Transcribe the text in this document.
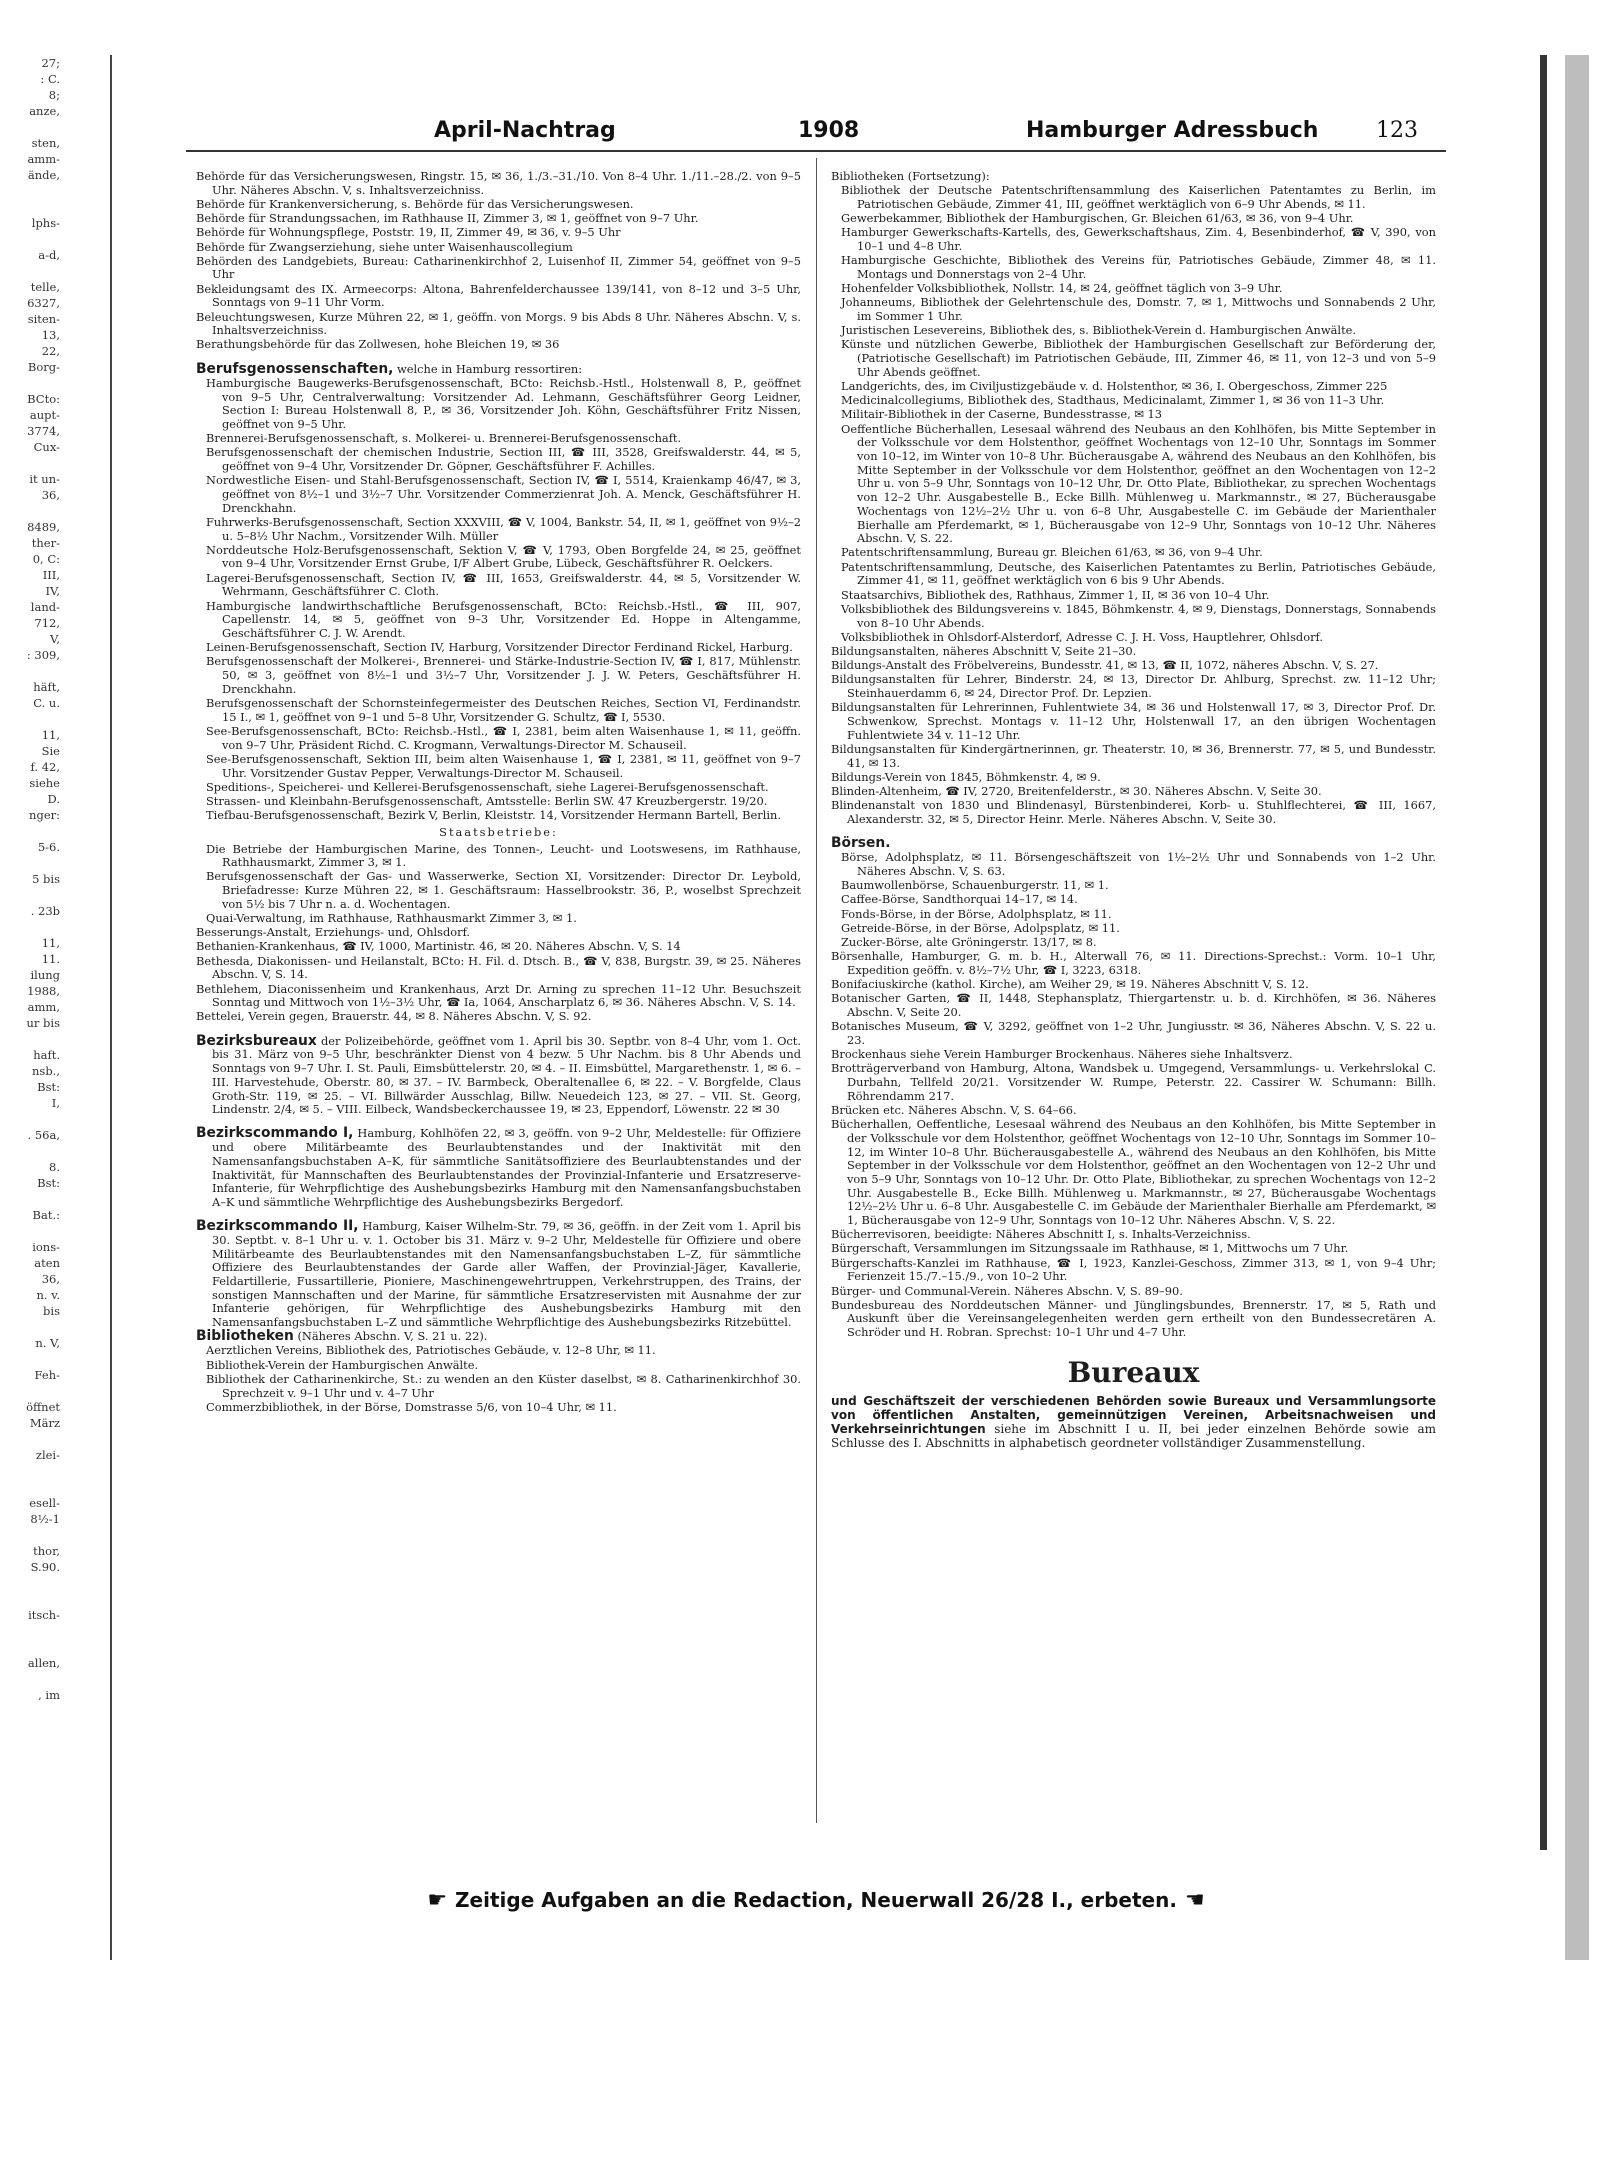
27;
: C.
8;
anze,

sten,
amm-
ände,

lphs-

a-d,

telle,
6327,
siten-
13,
22,
Borg-

BCto:
aupt-
3774,
Cux-

it un-
36,

8489,
ther-
0, C:
III,
IV,
land-
712,
V,
: 309,

häft,
C. u.

11,
Sie
f. 42,
siehe
D.
nger:

5-6.

5 bis

. 23b

11,
11.
ilung
1988,
amm,
ur bis

haft.
nsb.,
Bst:
I,

. 56a,

8.
Bst:

Bat.:

ions-
aten
36,
n. v.
bis

n. V,

Feh-

öffnet
März

zlei-

esell-
8½-1

thor,
S.90.

itsch-

allen,

, im
April-Nachtrag	1908	Hamburger Adressbuch	123

Behörde für das Versicherungswesen, Ringstr. 15, ✉ 36, 1./3.–31./10. Von 8–4 Uhr. 1./11.–28./2. von 9–5 Uhr. Näheres Abschn. V, s. Inhaltsverzeichniss.

Behörde für Krankenversicherung, s. Behörde für das Versicherungswesen.

Behörde für Strandungssachen, im Rathhause II, Zimmer 3, ✉ 1, geöffnet von 9–7 Uhr.

Behörde für Wohnungspflege, Poststr. 19, II, Zimmer 49, ✉ 36, v. 9–5 Uhr

Behörde für Zwangserziehung, siehe unter Waisenhauscollegium

Behörden des Landgebiets, Bureau: Catharinenkirchhof 2, Luisenhof II, Zimmer 54, geöffnet von 9–5 Uhr

Bekleidungsamt des IX. Armeecorps: Altona, Bahrenfelderchaussee 139/141, von 8–12 und 3–5 Uhr, Sonntags von 9–11 Uhr Vorm.

Beleuchtungswesen, Kurze Mühren 22, ✉ 1, geöffn. von Morgs. 9 bis Abds 8 Uhr. Näheres Abschn. V, s. Inhaltsverzeichniss.

Berathungsbehörde für das Zollwesen, hohe Bleichen 19, ✉ 36

Berufsgenossenschaften, welche in Hamburg ressortiren:

Hamburgische Baugewerks-Berufsgenossenschaft, BCto: Reichsb.-Hstl., Holstenwall 8, P., geöffnet von 9–5 Uhr, Centralverwaltung: Vorsitzender Ad. Lehmann, Geschäftsführer Georg Leidner, Section I: Bureau Holstenwall 8, P., ✉ 36, Vorsitzender Joh. Köhn, Geschäftsführer Fritz Nissen, geöffnet von 9–5 Uhr.

Brennerei-Berufsgenossenschaft, s. Molkerei- u. Brennerei-Berufsgenossenschaft.

Berufsgenossenschaft der chemischen Industrie, Section III, ☎ III, 3528, Greifswalderstr. 44, ✉ 5, geöffnet von 9–4 Uhr, Vorsitzender Dr. Göpner, Geschäftsführer F. Achilles.

Nordwestliche Eisen- und Stahl-Berufsgenossenschaft, Section IV, ☎ I, 5514, Kraienkamp 46/47, ✉ 3, geöffnet von 8½–1 und 3½–7 Uhr. Vorsitzender Commerzienrat Joh. A. Menck, Geschäftsführer H. Drenckhahn.

Fuhrwerks-Berufsgenossenschaft, Section XXXVIII, ☎ V, 1004, Bankstr. 54, II, ✉ 1, geöffnet von 9½–2 u. 5–8½ Uhr Nachm., Vorsitzender Wilh. Müller

Norddeutsche Holz-Berufsgenossenschaft, Sektion V, ☎ V, 1793, Oben Borgfelde 24, ✉ 25, geöffnet von 9–4 Uhr, Vorsitzender Ernst Grube, I/F Albert Grube, Lübeck, Geschäftsführer R. Oelckers.

Lagerei-Berufsgenossenschaft, Section IV, ☎ III, 1653, Greifswalderstr. 44, ✉ 5, Vorsitzender W. Wehrmann, Geschäftsführer C. Cloth.

Hamburgische landwirthschaftliche Berufsgenossenschaft, BCto: Reichsb.-Hstl., ☎ III, 907, Capellenstr. 14, ✉ 5, geöffnet von 9–3 Uhr, Vorsitzender Ed. Hoppe in Altengamme, Geschäftsführer C. J. W. Arendt.

Leinen-Berufsgenossenschaft, Section IV, Harburg, Vorsitzender Director Ferdinand Rickel, Harburg.

Berufsgenossenschaft der Molkerei-, Brennerei- und Stärke-Industrie-Section IV, ☎ I, 817, Mühlenstr. 50, ✉ 3, geöffnet von 8½–1 und 3½–7 Uhr, Vorsitzender J. J. W. Peters, Geschäftsführer H. Drenckhahn.

Berufsgenossenschaft der Schornsteinfegermeister des Deutschen Reiches, Section VI, Ferdinandstr. 15 I., ✉ 1, geöffnet von 9–1 und 5–8 Uhr, Vorsitzender G. Schultz, ☎ I, 5530.

See-Berufsgenossenschaft, BCto: Reichsb.-Hstl., ☎ I, 2381, beim alten Waisenhause 1, ✉ 11, geöffn. von 9–7 Uhr, Präsident Richd. C. Krogmann, Verwaltungs-Director M. Schauseil.

See-Berufsgenossenschaft, Sektion III, beim alten Waisenhause 1, ☎ I, 2381, ✉ 11, geöffnet von 9–7 Uhr. Vorsitzender Gustav Pepper, Verwaltungs-Director M. Schauseil.

Speditions-, Speicherei- und Kellerei-Berufsgenossenschaft, siehe Lagerei-Berufsgenossenschaft.

Strassen- und Kleinbahn-Berufsgenossenschaft, Amtsstelle: Berlin SW. 47 Kreuzbergerstr. 19/20.

Tiefbau-Berufsgenossenschaft, Bezirk V, Berlin, Kleiststr. 14, Vorsitzender Hermann Bartell, Berlin.

Staatsbetriebe:

Die Betriebe der Hamburgischen Marine, des Tonnen-, Leucht- und Lootswesens, im Rathhause, Rathhausmarkt, Zimmer 3, ✉ 1.

Berufsgenossenschaft der Gas- und Wasserwerke, Section XI, Vorsitzender: Director Dr. Leybold, Briefadresse: Kurze Mühren 22, ✉ 1. Geschäftsraum: Hasselbrookstr. 36, P., woselbst Sprechzeit von 5½ bis 7 Uhr n. a. d. Wochentagen.

Quai-Verwaltung, im Rathhause, Rathhausmarkt Zimmer 3, ✉ 1.

Besserungs-Anstalt, Erziehungs- und, Ohlsdorf.

Bethanien-Krankenhaus, ☎ IV, 1000, Martinistr. 46, ✉ 20. Näheres Abschn. V, S. 14

Bethesda, Diakonissen- und Heilanstalt, BCto: H. Fil. d. Dtsch. B., ☎ V, 838, Burgstr. 39, ✉ 25. Näheres Abschn. V, S. 14.

Bethlehem, Diaconissenheim und Krankenhaus, Arzt Dr. Arning zu sprechen 11–12 Uhr. Besuchszeit Sonntag und Mittwoch von 1½–3½ Uhr, ☎ Ia, 1064, Anscharplatz 6, ✉ 36. Näheres Abschn. V, S. 14.

Bettelei, Verein gegen, Brauerstr. 44, ✉ 8. Näheres Abschn. V, S. 92.

Bezirksbureaux der Polizeibehörde, geöffnet vom 1. April bis 30. Septbr. von 8–4 Uhr, vom 1. Oct. bis 31. März von 9–5 Uhr, beschränkter Dienst von 4 bezw. 5 Uhr Nachm. bis 8 Uhr Abends und Sonntags von 9–7 Uhr. I. St. Pauli, Eimsbüttelerstr. 20, ✉ 4. – II. Eimsbüttel, Margarethenstr. 1, ✉ 6. – III. Harvestehude, Oberstr. 80, ✉ 37. – IV. Barmbeck, Oberaltenallee 6, ✉ 22. – V. Borgfelde, Claus Groth-Str. 119, ✉ 25. – VI. Billwärder Ausschlag, Billw. Neuedeich 123, ✉ 27. – VII. St. Georg, Lindenstr. 2/4, ✉ 5. – VIII. Eilbeck, Wandsbeckerchaussee 19, ✉ 23, Eppendorf, Löwenstr. 22 ✉ 30

Bezirkscommando I, Hamburg, Kohlhöfen 22, ✉ 3, geöffn. von 9–2 Uhr, Meldestelle: für Offiziere und obere Militärbeamte des Beurlaubtenstandes und der Inaktivität mit den Namensanfangsbuchstaben A–K, für sämmtliche Sanitätsoffiziere des Beurlaubtenstandes und der Inaktivität, für Mannschaften des Beurlaubtenstandes der Provinzial-Infanterie und Ersatzreserve-Infanterie, für Wehrpflichtige des Aushebungsbezirks Hamburg mit den Namensanfangsbuchstaben A–K und sämmtliche Wehrpflichtige des Aushebungsbezirks Bergedorf.

Bezirkscommando II, Hamburg, Kaiser Wilhelm-Str. 79, ✉ 36, geöffn. in der Zeit vom 1. April bis 30. Septbt. v. 8–1 Uhr u. v. 1. October bis 31. März v. 9–2 Uhr, Meldestelle für Offiziere und obere Militärbeamte des Beurlaubtenstandes mit den Namensanfangsbuchstaben L–Z, für sämmtliche Offiziere des Beurlaubtenstandes der Garde aller Waffen, der Provinzial-Jäger, Kavallerie, Feldartillerie, Fussartillerie, Pioniere, Maschinengewehrtruppen, Verkehrstruppen, des Trains, der sonstigen Mannschaften und der Marine, für sämmtliche Ersatzreservisten mit Ausnahme der zur Infanterie gehörigen, für Wehrpflichtige des Aushebungsbezirks Hamburg mit den Namensanfangsbuchstaben L–Z und sämmtliche Wehrpflichtige des Aushebungsbezirks Ritzebüttel.

Bibliotheken (Näheres Abschn. V, S. 21 u. 22).

Aerztlichen Vereins, Bibliothek des, Patriotisches Gebäude, v. 12–8 Uhr, ✉ 11.

Bibliothek-Verein der Hamburgischen Anwälte.

Bibliothek der Catharinenkirche, St.: zu wenden an den Küster daselbst, ✉ 8. Catharinenkirchhof 30. Sprechzeit v. 9–1 Uhr und v. 4–7 Uhr

Commerzbibliothek, in der Börse, Domstrasse 5/6, von 10–4 Uhr, ✉ 11.

Bibliotheken (Fortsetzung):

Bibliothek der Deutsche Patentschriftensammlung des Kaiserlichen Patentamtes zu Berlin, im Patriotischen Gebäude, Zimmer 41, III, geöffnet werktäglich von 6–9 Uhr Abends, ✉ 11.

Gewerbekammer, Bibliothek der Hamburgischen, Gr. Bleichen 61/63, ✉ 36, von 9–4 Uhr.

Hamburger Gewerkschafts-Kartells, des, Gewerkschaftshaus, Zim. 4, Besenbinderhof, ☎ V, 390, von 10–1 und 4–8 Uhr.

Hamburgische Geschichte, Bibliothek des Vereins für, Patriotisches Gebäude, Zimmer 48, ✉ 11. Montags und Donnerstags von 2–4 Uhr.

Hohenfelder Volksbibliothek, Nollstr. 14, ✉ 24, geöffnet täglich von 3–9 Uhr.

Johanneums, Bibliothek der Gelehrtenschule des, Domstr. 7, ✉ 1, Mittwochs und Sonnabends 2 Uhr, im Sommer 1 Uhr.

Juristischen Lesevereins, Bibliothek des, s. Bibliothek-Verein d. Hamburgischen Anwälte.

Künste und nützlichen Gewerbe, Bibliothek der Hamburgischen Gesellschaft zur Beförderung der, (Patriotische Gesellschaft) im Patriotischen Gebäude, III, Zimmer 46, ✉ 11, von 12–3 und von 5–9 Uhr Abends geöffnet.

Landgerichts, des, im Civiljustizgebäude v. d. Holstenthor, ✉ 36, I. Obergeschoss, Zimmer 225

Medicinalcollegiums, Bibliothek des, Stadthaus, Medicinalamt, Zimmer 1, ✉ 36 von 11–3 Uhr.

Militair-Bibliothek in der Caserne, Bundesstrasse, ✉ 13

Oeffentliche Bücherhallen, Lesesaal während des Neubaus an den Kohlhöfen, bis Mitte September in der Volksschule vor dem Holstenthor, geöffnet Wochentags von 12–10 Uhr, Sonntags im Sommer von 10–12, im Winter von 10–8 Uhr. Bücherausgabe A, während des Neubaus an den Kohlhöfen, bis Mitte September in der Volksschule vor dem Holstenthor, geöffnet an den Wochentagen von 12–2 Uhr u. von 5–9 Uhr, Sonntags von 10–12 Uhr, Dr. Otto Plate, Bibliothekar, zu sprechen Wochentags von 12–2 Uhr. Ausgabestelle B., Ecke Billh. Mühlenweg u. Markmannstr., ✉ 27, Bücherausgabe Wochentags von 12½–2½ Uhr u. von 6–8 Uhr, Ausgabestelle C. im Gebäude der Marienthaler Bierhalle am Pferdemarkt, ✉ 1, Bücherausgabe von 12–9 Uhr, Sonntags von 10–12 Uhr. Näheres Abschn. V, S. 22.

Patentschriftensammlung, Bureau gr. Bleichen 61/63, ✉ 36, von 9–4 Uhr.

Patentschriftensammlung, Deutsche, des Kaiserlichen Patentamtes zu Berlin, Patriotisches Gebäude, Zimmer 41, ✉ 11, geöffnet werktäglich von 6 bis 9 Uhr Abends.

Staatsarchivs, Bibliothek des, Rathhaus, Zimmer 1, II, ✉ 36 von 10–4 Uhr.

Volksbibliothek des Bildungsvereins v. 1845, Böhmkenstr. 4, ✉ 9, Dienstags, Donnerstags, Sonnabends von 8–10 Uhr Abends.

Volksbibliothek in Ohlsdorf-Alsterdorf, Adresse C. J. H. Voss, Hauptlehrer, Ohlsdorf.

Bildungsanstalten, näheres Abschnitt V, Seite 21–30.

Bildungs-Anstalt des Fröbelvereins, Bundesstr. 41, ✉ 13, ☎ II, 1072, näheres Abschn. V, S. 27.

Bildungsanstalten für Lehrer, Binderstr. 24, ✉ 13, Director Dr. Ahlburg, Sprechst. zw. 11–12 Uhr; Steinhauerdamm 6, ✉ 24, Director Prof. Dr. Lepzien.

Bildungsanstalten für Lehrerinnen, Fuhlentwiete 34, ✉ 36 und Holstenwall 17, ✉ 3, Director Prof. Dr. Schwenkow, Sprechst. Montags v. 11–12 Uhr, Holstenwall 17, an den übrigen Wochentagen Fuhlentwiete 34 v. 11–12 Uhr.

Bildungsanstalten für Kindergärtnerinnen, gr. Theaterstr. 10, ✉ 36, Brennerstr. 77, ✉ 5, und Bundesstr. 41, ✉ 13.

Bildungs-Verein von 1845, Böhmkenstr. 4, ✉ 9.

Blinden-Altenheim, ☎ IV, 2720, Breitenfelderstr., ✉ 30. Näheres Abschn. V, Seite 30.

Blindenanstalt von 1830 und Blindenasyl, Bürstenbinderei, Korb- u. Stuhlflechterei, ☎ III, 1667, Alexanderstr. 32, ✉ 5, Director Heinr. Merle. Näheres Abschn. V, Seite 30.

Börsen.

Börse, Adolphsplatz, ✉ 11. Börsengeschäftszeit von 1½–2½ Uhr und Sonnabends von 1–2 Uhr. Näheres Abschn. V, S. 63.

Baumwollenbörse, Schauenburgerstr. 11, ✉ 1.

Caffee-Börse, Sandthorquai 14–17, ✉ 14.

Fonds-Börse, in der Börse, Adolphsplatz, ✉ 11.

Getreide-Börse, in der Börse, Adolpsplatz, ✉ 11.

Zucker-Börse, alte Gröningerstr. 13/17, ✉ 8.

Börsenhalle, Hamburger, G. m. b. H., Alterwall 76, ✉ 11. Directions-Sprechst.: Vorm. 10–1 Uhr, Expedition geöffn. v. 8½–7½ Uhr, ☎ I, 3223, 6318.

Bonifaciuskirche (kathol. Kirche), am Weiher 29, ✉ 19. Näheres Abschnitt V, S. 12.

Botanischer Garten, ☎ II, 1448, Stephansplatz, Thiergartenstr. u. b. d. Kirchhöfen, ✉ 36. Näheres Abschn. V, Seite 20.

Botanisches Museum, ☎ V, 3292, geöffnet von 1–2 Uhr, Jungiusstr. ✉ 36, Näheres Abschn. V, S. 22 u. 23.

Brockenhaus siehe Verein Hamburger Brockenhaus. Näheres siehe Inhaltsverz.

Brotträgerverband von Hamburg, Altona, Wandsbek u. Umgegend, Versammlungs- u. Verkehrslokal C. Durbahn, Tellfeld 20/21. Vorsitzender W. Rumpe, Peterstr. 22. Cassirer W. Schumann: Billh. Röhrendamm 217.

Brücken etc. Näheres Abschn. V, S. 64–66.

Bücherhallen, Oeffentliche, Lesesaal während des Neubaus an den Kohlhöfen, bis Mitte September in der Volksschule vor dem Holstenthor, geöffnet Wochentags von 12–10 Uhr, Sonntags im Sommer 10–12, im Winter 10–8 Uhr. Bücherausgabestelle A., während des Neubaus an den Kohlhöfen, bis Mitte September in der Volksschule vor dem Holstenthor, geöffnet an den Wochentagen von 12–2 Uhr und von 5–9 Uhr, Sonntags von 10–12 Uhr. Dr. Otto Plate, Bibliothekar, zu sprechen Wochentags von 12–2 Uhr. Ausgabestelle B., Ecke Billh. Mühlenweg u. Markmannstr., ✉ 27, Bücherausgabe Wochentags 12½–2½ Uhr u. 6–8 Uhr. Ausgabestelle C. im Gebäude der Marienthaler Bierhalle am Pferdemarkt, ✉ 1, Bücherausgabe von 12–9 Uhr, Sonntags von 10–12 Uhr. Näheres Abschn. V, S. 22.

Bücherrevisoren, beeidigte: Näheres Abschnitt I, s. Inhalts-Verzeichniss.

Bürgerschaft, Versammlungen im Sitzungssaale im Rathhause, ✉ 1, Mittwochs um 7 Uhr.

Bürgerschafts-Kanzlei im Rathhause, ☎ I, 1923, Kanzlei-Geschoss, Zimmer 313, ✉ 1, von 9–4 Uhr; Ferienzeit 15./7.–15./9., von 10–2 Uhr.

Bürger- und Communal-Verein. Näheres Abschn. V, S. 89–90.

Bundesbureau des Norddeutschen Männer- und Jünglingsbundes, Brennerstr. 17, ✉ 5, Rath und Auskunft über die Vereinsangelegenheiten werden gern ertheilt von den Bundessecretären A. Schröder und H. Robran. Sprechst: 10–1 Uhr und 4–7 Uhr.

Bureaux
und Geschäftszeit der verschiedenen Behörden sowie Bureaux und Versammlungsorte von öffentlichen Anstalten, gemeinnützigen Vereinen, Arbeitsnachweisen und Verkehrseinrichtungen siehe im Abschnitt I u. II, bei jeder einzelnen Behörde sowie am Schlusse des I. Abschnitts in alphabetisch geordneter vollständiger Zusammenstellung.
☛ Zeitige Aufgaben an die Redaction, Neuerwall 26/28 I., erbeten. ☚
